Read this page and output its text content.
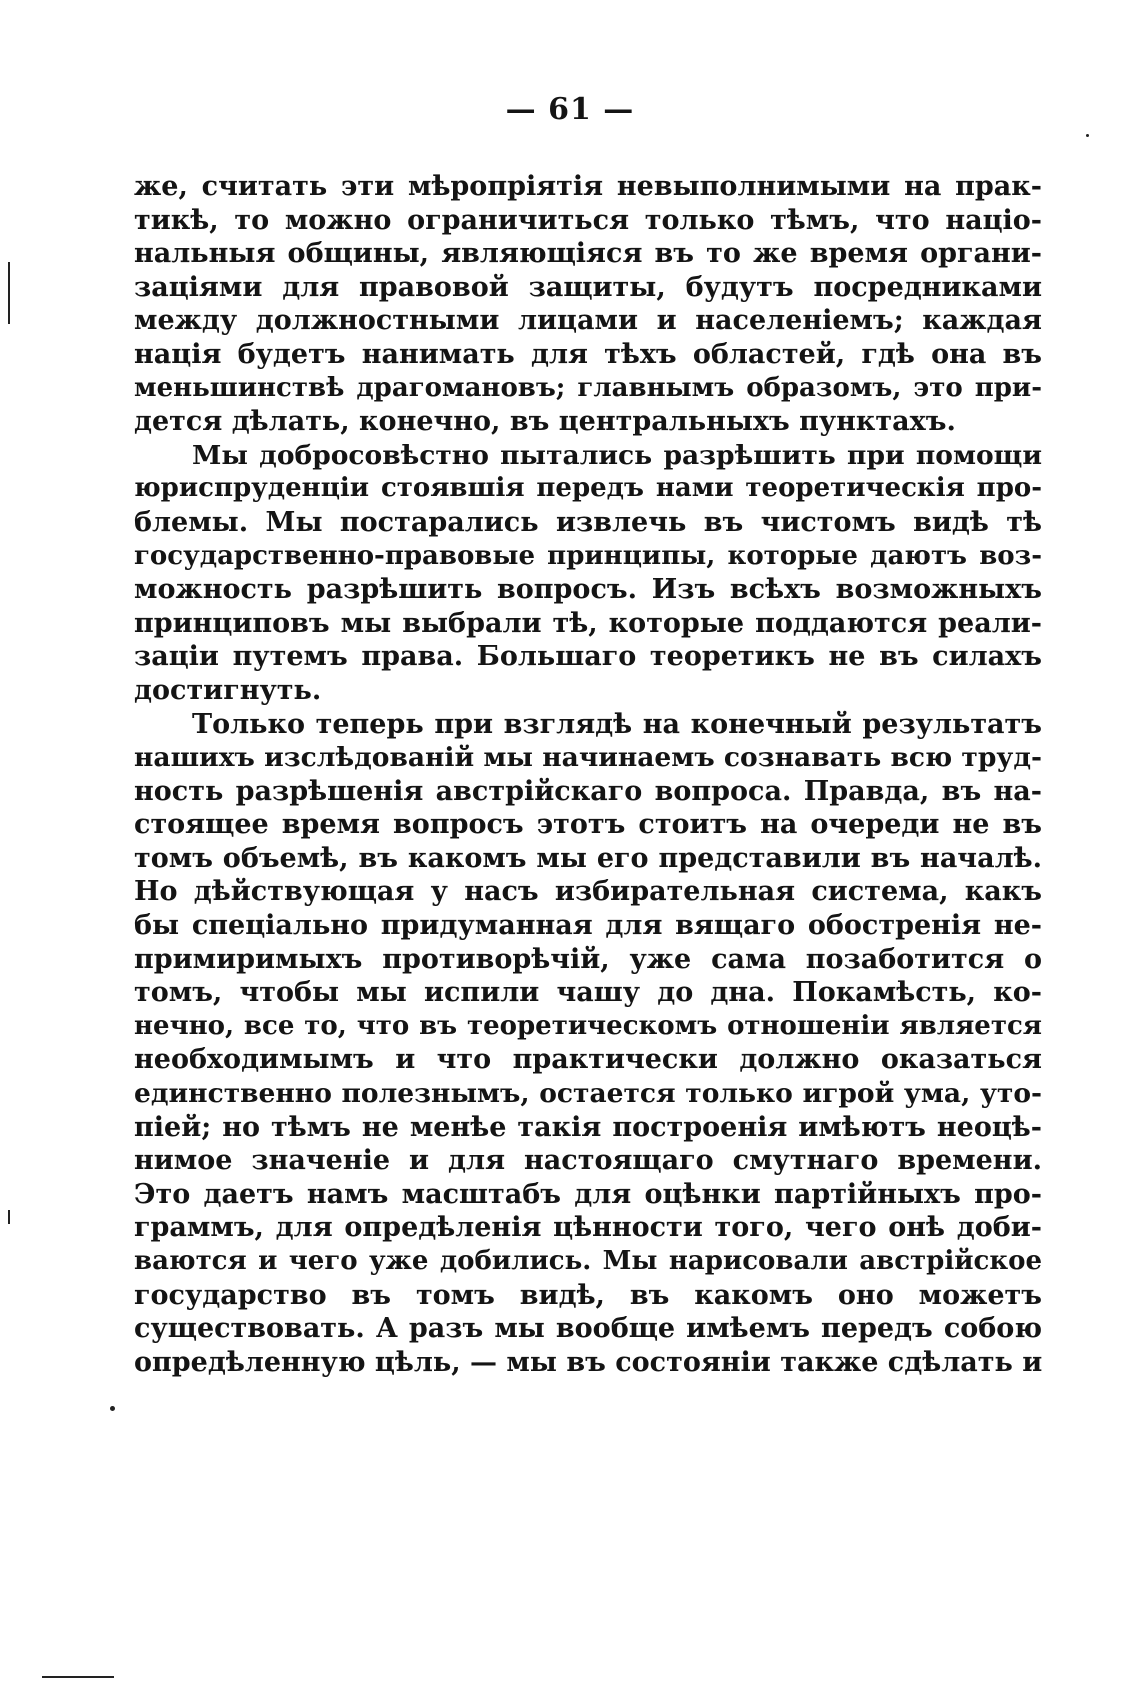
— 61 —
же, считать эти мѣропріятія невыполнимыми на прак-
тикѣ, то можно ограничиться только тѣмъ, что націо-
нальныя общины, являющіяся въ то же время органи-
заціями для правовой защиты, будутъ посредниками
между должностными лицами и населеніемъ; каждая
нація будетъ нанимать для тѣхъ областей, гдѣ она въ
меньшинствѣ драгомановъ; главнымъ образомъ, это при-
дется дѣлать, конечно, въ центральныхъ пунктахъ.
Мы добросовѣстно пытались разрѣшить при помощи
юриспруденціи стоявшія передъ нами теоретическія про-
блемы. Мы постарались извлечь въ чистомъ видѣ тѣ
государственно-правовые принципы, которые даютъ воз-
можность разрѣшить вопросъ. Изъ всѣхъ возможныхъ
принциповъ мы выбрали тѣ, которые поддаются реали-
заціи путемъ права. Большаго теоретикъ не въ силахъ
достигнуть.
Только теперь при взглядѣ на конечный результатъ
нашихъ изслѣдованій мы начинаемъ сознавать всю труд-
ность разрѣшенія австрійскаго вопроса. Правда, въ на-
стоящее время вопросъ этотъ стоитъ на очереди не въ
томъ объемѣ, въ какомъ мы его представили въ началѣ.
Но дѣйствующая у насъ избирательная система, какъ
бы спеціально придуманная для вящаго обостренія не-
примиримыхъ противорѣчій, уже сама позаботится о
томъ, чтобы мы испили чашу до дна. Покамѣсть, ко-
нечно, все то, что въ теоретическомъ отношеніи является
необходимымъ и что практически должно оказаться
единственно полезнымъ, остается только игрой ума, уто-
піей; но тѣмъ не менѣе такія построенія имѣютъ неоцѣ-
нимое значеніе и для настоящаго смутнаго времени.
Это даетъ намъ масштабъ для оцѣнки партійныхъ про-
граммъ, для опредѣленія цѣнности того, чего онѣ доби-
ваются и чего уже добились. Мы нарисовали австрійское
государство въ томъ видѣ, въ какомъ оно можетъ
существовать. А разъ мы вообще имѣемъ передъ собою
опредѣленную цѣль, — мы въ состояніи также сдѣлать и
